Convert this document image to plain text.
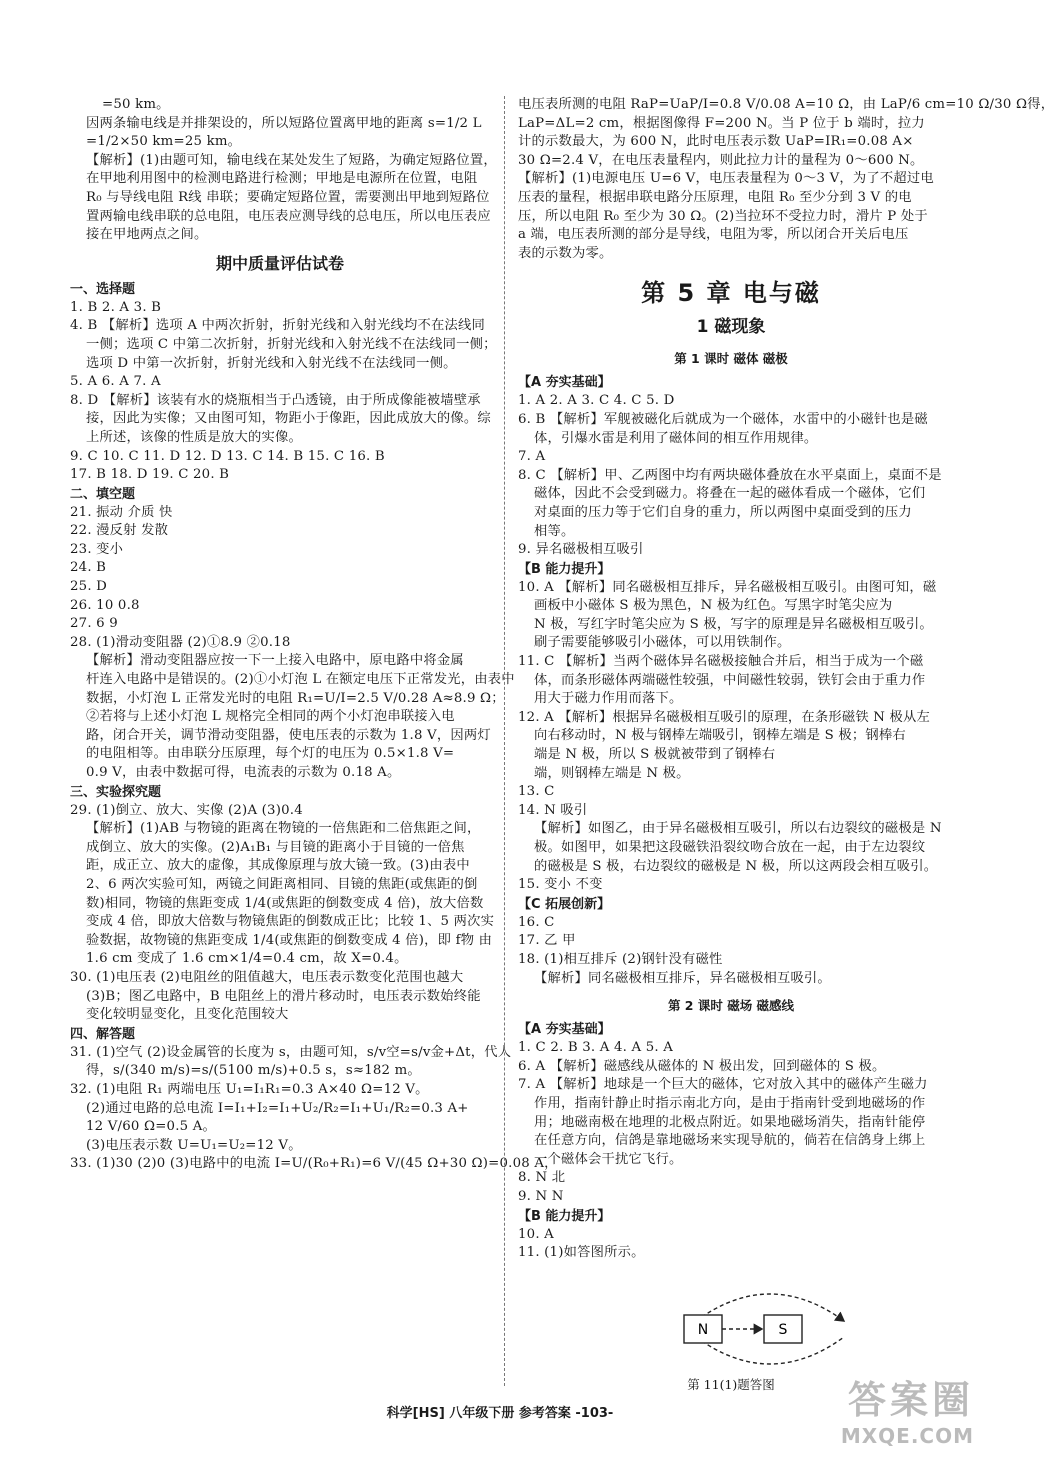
=50 km。
因两条输电线是并排架设的，所以短路位置离甲地的距离 s=1/2 L
=1/2×50 km=25 km。
【解析】(1)由题可知，输电线在某处发生了短路，为确定短路位置，
在甲地利用图中的检测电路进行检测；甲地是电源所在位置，电阻
R₀ 与导线电阻 R线 串联；要确定短路位置，需要测出甲地到短路位
置两输电线串联的总电阻，电压表应测导线的总电压，所以电压表应
接在甲地两点之间。
期中质量评估试卷
一、选择题
1. B 2. A 3. B
4. B 【解析】选项 A 中两次折射，折射光线和入射光线均不在法线同
一侧；选项 C 中第二次折射，折射光线和入射光线不在法线同一侧；
选项 D 中第一次折射，折射光线和入射光线不在法线同一侧。
5. A 6. A 7. A
8. D 【解析】该装有水的烧瓶相当于凸透镜，由于所成像能被墙壁承
接，因此为实像；又由图可知，物距小于像距，因此成放大的像。综
上所述，该像的性质是放大的实像。
9. C 10. C 11. D 12. D 13. C 14. B 15. C 16. B
17. B 18. D 19. C 20. B
二、填空题
21. 振动 介质 快
22. 漫反射 发散
23. 变小
24. B
25. D
26. 10 0.8
27. 6 9
28. (1)滑动变阻器 (2)①8.9 ②0.18
【解析】滑动变阻器应按一下一上接入电路中，原电路中将金属
杆连入电路中是错误的。(2)①小灯泡 L 在额定电压下正常发光，由表中
数据，小灯泡 L 正常发光时的电阻 R₁=U/I=2.5 V/0.28 A≈8.9 Ω；
②若将与上述小灯泡 L 规格完全相同的两个小灯泡串联接入电
路，闭合开关，调节滑动变阻器，使电压表的示数为 1.8 V，因两灯
的电阻相等。由串联分压原理，每个灯的电压为 0.5×1.8 V=
0.9 V，由表中数据可得，电流表的示数为 0.18 A。
三、实验探究题
29. (1)倒立、放大、实像 (2)A (3)0.4
【解析】(1)AB 与物镜的距离在物镜的一倍焦距和二倍焦距之间，
成倒立、放大的实像。(2)A₁B₁ 与目镜的距离小于目镜的一倍焦
距，成正立、放大的虚像，其成像原理与放大镜一致。(3)由表中
2、6 两次实验可知，两镜之间距离相同、目镜的焦距(或焦距的倒
数)相同，物镜的焦距变成 1/4(或焦距的倒数变成 4 倍)，放大倍数
变成 4 倍，即放大倍数与物镜焦距的倒数成正比；比较 1、5 两次实
验数据，故物镜的焦距变成 1/4(或焦距的倒数变成 4 倍)，即 f物 由
1.6 cm 变成了 1.6 cm×1/4=0.4 cm，故 X=0.4。
30. (1)电压表 (2)电阻丝的阻值越大，电压表示数变化范围也越大
(3)B；图乙电路中，B 电阻丝上的滑片移动时，电压表示数始终能
变化较明显变化，且变化范围较大
四、解答题
31. (1)空气 (2)设金属管的长度为 s，由题可知，s/v空=s/v金+Δt，代人
得，s/(340 m/s)=s/(5100 m/s)+0.5 s，s≈182 m。
32. (1)电阻 R₁ 两端电压 U₁=I₁R₁=0.3 A×40 Ω=12 V。
(2)通过电路的总电流 I=I₁+I₂=I₁+U₂/R₂=I₁+U₁/R₂=0.3 A+
12 V/60 Ω=0.5 A。
(3)电压表示数 U=U₁=U₂=12 V。
33. (1)30 (2)0 (3)电路中的电流 I=U/(R₀+R₁)=6 V/(45 Ω+30 Ω)=0.08 A，
电压表所测的电阻 RaP=UaP/I=0.8 V/0.08 A=10 Ω，由 LaP/6 cm=10 Ω/30 Ω得，
LaP=ΔL=2 cm，根据图像得 F=200 N。当 P 位于 b 端时，拉力
计的示数最大，为 600 N，此时电压表示数 UaP=IR₁=0.08 A×
30 Ω=2.4 V，在电压表量程内，则此拉力计的量程为 0～600 N。
【解析】(1)电源电压 U=6 V，电压表量程为 0～3 V，为了不超过电
压表的量程，根据串联电路分压原理，电阻 R₀ 至少分到 3 V 的电
压，所以电阻 R₀ 至少为 30 Ω。(2)当拉环不受拉力时，滑片 P 处于
a 端，电压表所测的部分是导线，电阻为零，所以闭合开关后电压
表的示数为零。
第 5 章 电与磁
1 磁现象
第 1 课时 磁体 磁极
【A 夯实基础】
1. A 2. A 3. C 4. C 5. D
6. B 【解析】军舰被磁化后就成为一个磁体，水雷中的小磁针也是磁
体，引爆水雷是利用了磁体间的相互作用规律。
7. A
8. C 【解析】甲、乙两图中均有两块磁体叠放在水平桌面上，桌面不是
磁体，因此不会受到磁力。将叠在一起的磁体看成一个磁体，它们
对桌面的压力等于它们自身的重力，所以两图中桌面受到的压力
相等。
9. 异名磁极相互吸引
【B 能力提升】
10. A 【解析】同名磁极相互排斥，异名磁极相互吸引。由图可知，磁
画板中小磁体 S 极为黑色，N 极为红色。写黑字时笔尖应为
N 极，写红字时笔尖应为 S 极，写字的原理是异名磁极相互吸引。
刷子需要能够吸引小磁体，可以用铁制作。
11. C 【解析】当两个磁体异名磁极接触合并后，相当于成为一个磁
体，而条形磁体两端磁性较强，中间磁性较弱，铁钉会由于重力作
用大于磁力作用而落下。
12. A 【解析】根据异名磁极相互吸引的原理，在条形磁铁 N 极从左
向右移动时，N 极与钢棒左端吸引，钢棒左端是 S 极；钢棒右
端是 N 极，所以 S 极就被带到了钢棒右
端，则钢棒左端是 N 极。
13. C
14. N 吸引
【解析】如图乙，由于异名磁极相互吸引，所以右边裂纹的磁极是 N
极。如图甲，如果把这段磁铁沿裂纹吻合放在一起，由于左边裂纹
的磁极是 S 极，右边裂纹的磁极是 N 极，所以这两段会相互吸引。
15. 变小 不变
【C 拓展创新】
16. C
17. 乙 甲
18. (1)相互排斥 (2)钢针没有磁性
【解析】同名磁极相互排斥，异名磁极相互吸引。
第 2 课时 磁场 磁感线
【A 夯实基础】
1. C 2. B 3. A 4. A 5. A
6. A 【解析】磁感线从磁体的 N 极出发，回到磁体的 S 极。
7. A 【解析】地球是一个巨大的磁体，它对放入其中的磁体产生磁力
作用，指南针静止时指示南北方向，是由于指南针受到地磁场的作
用；地磁南极在地理的北极点附近。如果地磁场消失，指南针能停
在任意方向，信鸽是靠地磁场来实现导航的，倘若在信鸽身上绑上
一个磁体会干扰它飞行。
8. N 北
9. N N
【B 能力提升】
10. A
11. (1)如答图所示。
N	S
第 11(1)题答图
科学[HS] 八年级下册 参考答案 -103-	答案圈
MXQE.COM
